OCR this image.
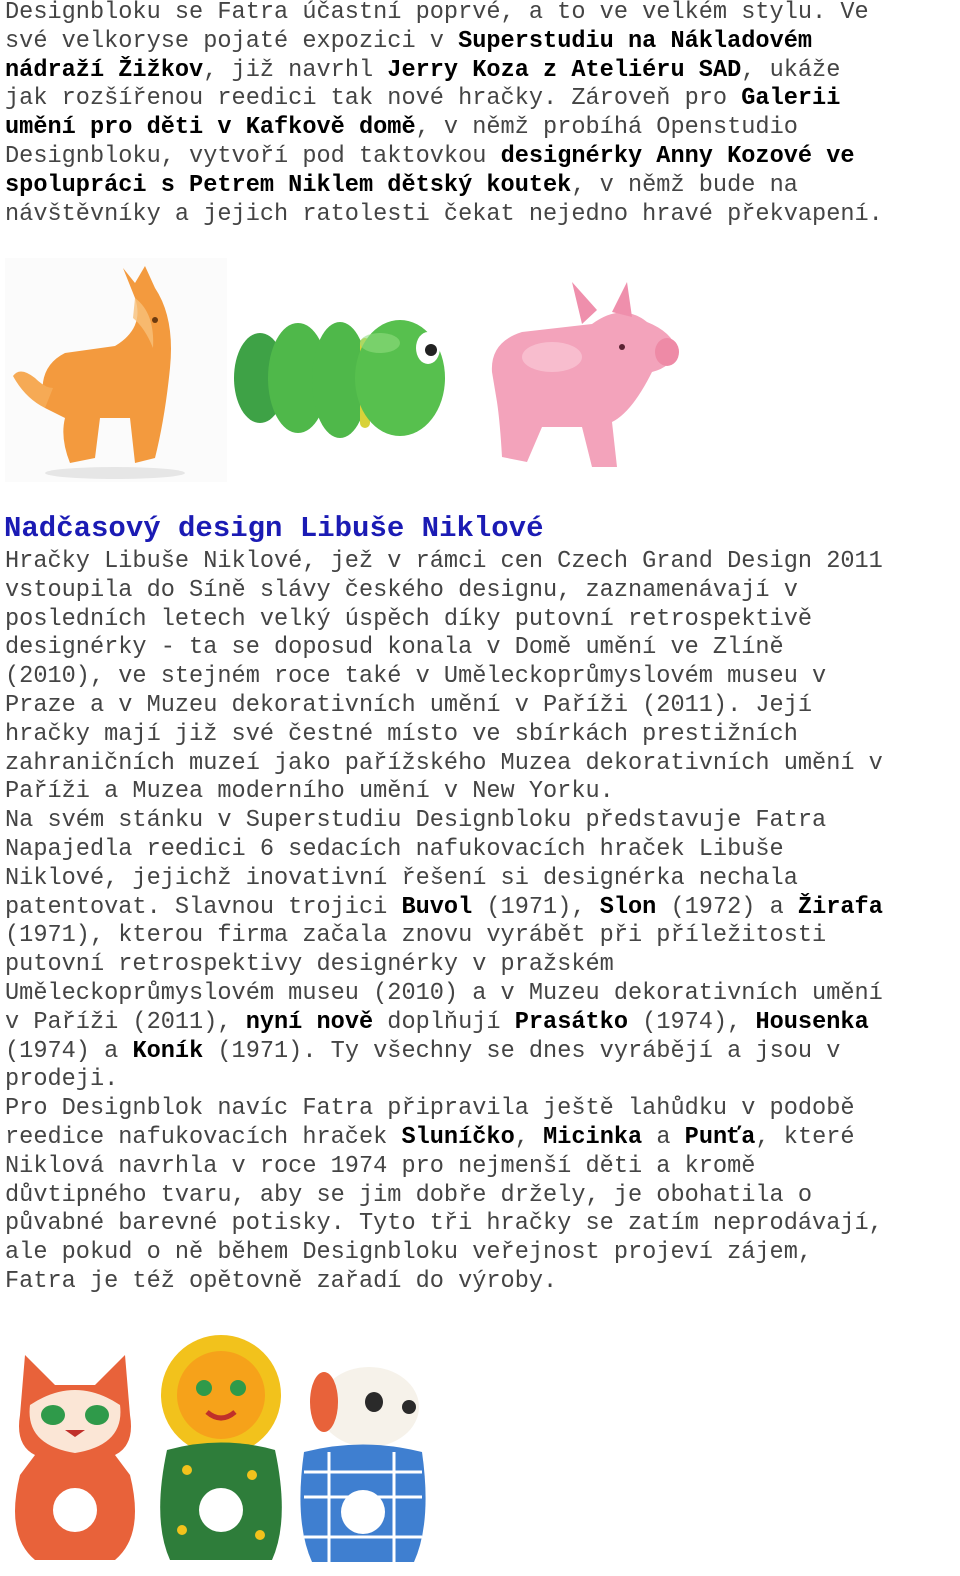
Designbloku se Fatra účastní poprvé, a to ve velkém stylu. Ve
své velkoryse pojaté expozici v Superstudiu na Nákladovém
nádraží Žižkov, již navrhl Jerry Koza z Ateliéru SAD, ukáže
jak rozšířenou reedici tak nové hračky. Zároveň pro Galerii
umění pro děti v Kafkově domě, v němž probíhá Openstudio
Designbloku, vytvoří pod taktovkou designérky Anny Kozové ve
spolupráci s Petrem Niklem dětský koutek, v němž bude na
návštěvníky a jejich ratolesti čekat nejedno hravé překvapení.
Nadčasový design Libuše Niklové
Hračky Libuše Niklové, jež v rámci cen Czech Grand Design 2011
vstoupila do Síně slávy českého designu, zaznamenávají v
posledních letech velký úspěch díky putovní retrospektivě
designérky - ta se doposud konala v Domě umění ve Zlíně
(2010), ve stejném roce také v Uměleckoprůmyslovém museu v
Praze a v Muzeu dekorativních umění v Paříži (2011). Její
hračky mají již své čestné místo ve sbírkách prestižních
zahraničních muzeí jako pařížského Muzea dekorativních umění v
Paříži a Muzea moderního umění v New Yorku.
Na svém stánku v Superstudiu Designbloku představuje Fatra
Napajedla reedici 6 sedacích nafukovacích hraček Libuše
Niklové, jejichž inovativní řešení si designérka nechala
patentovat. Slavnou trojici Buvol (1971), Slon (1972) a Žirafa
(1971), kterou firma začala znovu vyrábět při příležitosti
putovní retrospektivy designérky v pražském
Uměleckoprůmyslovém museu (2010) a v Muzeu dekorativních umění
v Paříži (2011), nyní nově doplňují Prasátko (1974), Housenka
(1974) a Koník (1971). Ty všechny se dnes vyrábějí a jsou v
prodeji.
Pro Designblok navíc Fatra připravila ještě lahůdku v podobě
reedice nafukovacích hraček Sluníčko, Micinka a Punťa, které
Niklová navrhla v roce 1974 pro nejmenší děti a kromě
důvtipného tvaru, aby se jim dobře držely, je obohatila o
půvabné barevné potisky. Tyto tři hračky se zatím neprodávají,
ale pokud o ně během Designbloku veřejnost projeví zájem,
Fatra je též opětovně zařadí do výroby.
